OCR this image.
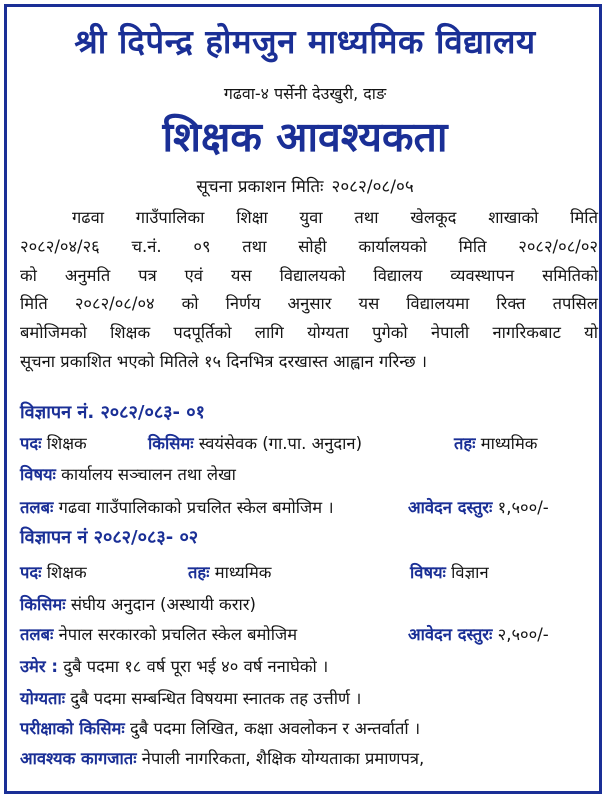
श्री दिपेन्द्र होमजुन माध्यमिक विद्यालय
गढवा-४ पर्सेनी देउखुरी, दाङ
शिक्षक आवश्यकता
सूचना प्रकाशन मितिः २०८२/०८/०५
गढवा गाउँपालिका शिक्षा युवा तथा खेलकूद शाखाको मिति
२०८२/०४/२६ च.नं. ०९ तथा सोही कार्यालयको मिति २०८२/०८/०२
को अनुमति पत्र एवं यस विद्यालयको विद्यालय व्यवस्थापन समितिको
मिति २०८२/०८/०४ को निर्णय अनुसार यस विद्यालयमा रिक्त तपसिल
बमोजिमको शिक्षक पदपूर्तिको लागि योग्यता पुगेको नेपाली नागरिकबाट यो
सूचना प्रकाशित भएको मितिले १५ दिनभित्र दरखास्त आह्वान गरिन्छ ।
विज्ञापन नं. २०८२/०८३- ०१
पदः शिक्षक	किसिमः स्वयंसेवक (गा.पा. अनुदान)	तहः माध्यमिक
विषयः कार्यालय सञ्चालन तथा लेखा
तलबः गढवा गाउँपालिकाको प्रचलित स्केल बमोजिम ।	आवेदन दस्तुरः १,५००/-
विज्ञापन नं २०८२/०८३- ०२
पदः शिक्षक	तहः माध्यमिक	विषयः विज्ञान
किसिमः संघीय अनुदान (अस्थायी करार)
तलबः नेपाल सरकारको प्रचलित स्केल बमोजिम	आवेदन दस्तुरः २,५००/-
उमेर : दुबै पदमा १८ वर्ष पूरा भई ४० वर्ष ननाघेको ।
योग्यताः दुबै पदमा सम्बन्धित विषयमा स्नातक तह उत्तीर्ण ।
परीक्षाको किसिमः दुबै पदमा लिखित, कक्षा अवलोकन र अन्तर्वार्ता ।
आवश्यक कागजातः नेपाली नागरिकता, शैक्षिक योग्यताका प्रमाणपत्र,
